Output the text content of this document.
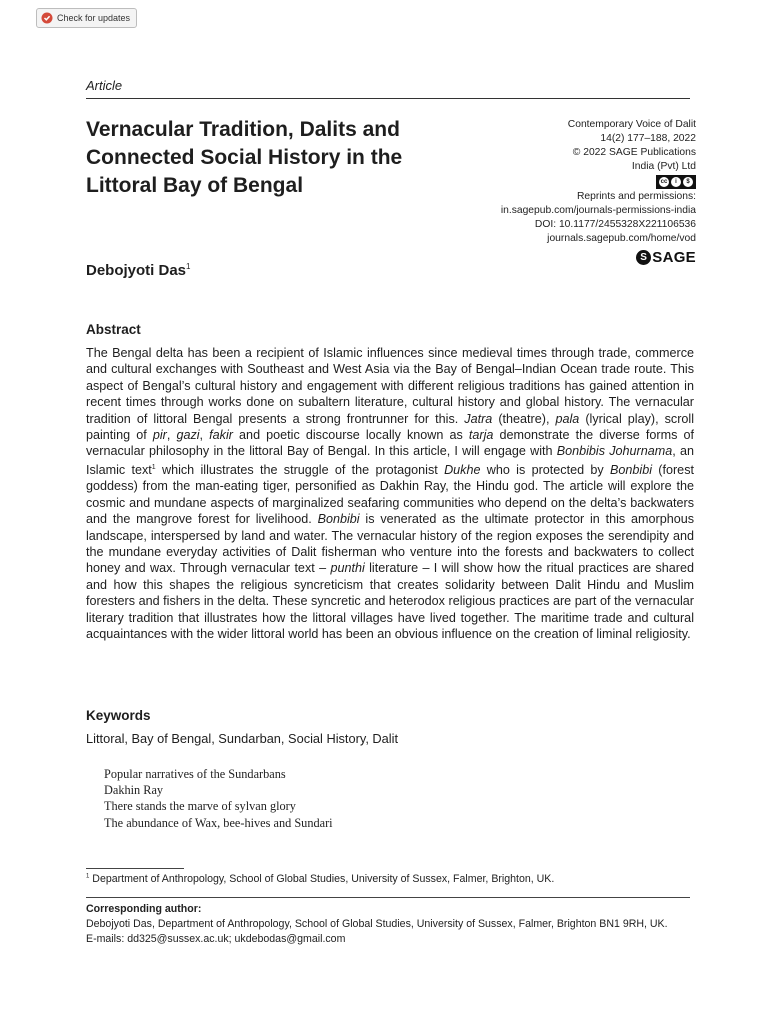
Check for updates
Article
Vernacular Tradition, Dalits and Connected Social History in the Littoral Bay of Bengal
Contemporary Voice of Dalit
14(2) 177–188, 2022
© 2022 SAGE Publications
India (Pvt) Ltd
cc	i	$
Reprints and permissions:
in.sagepub.com/journals-permissions-india
DOI: 10.1177/2455328X221106536
journals.sagepub.com/home/vod
S SAGE
Debojyoti Das$^1$
Abstract

The Bengal delta has been a recipient of Islamic influences since medieval times through trade, commerce and cultural exchanges with Southeast and West Asia via the Bay of Bengal–Indian Ocean trade route. This aspect of Bengal’s cultural history and engagement with different religious traditions has gained attention in recent times through works done on subaltern literature, cultural history and global history. The vernacular tradition of littoral Bengal presents a strong frontrunner for this. Jatra (theatre), pala (lyrical play), scroll painting of pir, gazi, fakir and poetic discourse locally known as tarja demonstrate the diverse forms of vernacular philosophy in the littoral Bay of Bengal. In this article, I will engage with Bonbibis Johurnama, an Islamic text$^1$ which illustrates the struggle of the protagonist Dukhe who is protected by Bonbibi (forest goddess) from the man-eating tiger, personified as Dakhin Ray, the Hindu god. The article will explore the cosmic and mundane aspects of marginalized seafaring communities who depend on the delta’s backwaters and the mangrove forest for livelihood. Bonbibi is venerated as the ultimate protector in this amorphous landscape, interspersed by land and water. The vernacular history of the region exposes the serendipity and the mundane everyday activities of Dalit fisherman who venture into the forests and backwaters to collect honey and wax. Through vernacular text – punthi literature – I will show how the ritual practices are shared and how this shapes the religious syncreticism that creates solidarity between Dalit Hindu and Muslim foresters and fishers in the delta. These syncretic and heterodox religious practices are part of the vernacular literary tradition that illustrates how the littoral villages have lived together. The maritime trade and cultural acquaintances with the wider littoral world has been an obvious influence on the creation of liminal religiosity.

Keywords
Littoral, Bay of Bengal, Sundarban, Social History, Dalit
Popular narratives of the Sundarbans
Dakhin Ray
There stands the marve of sylvan glory
The abundance of Wax, bee-hives and Sundari
$^1$ Department of Anthropology, School of Global Studies, University of Sussex, Falmer, Brighton, UK.
Corresponding author:
Debojyoti Das, Department of Anthropology, School of Global Studies, University of Sussex, Falmer, Brighton BN1 9RH, UK.
E-mails: dd325@sussex.ac.uk; ukdebodas@gmail.com
